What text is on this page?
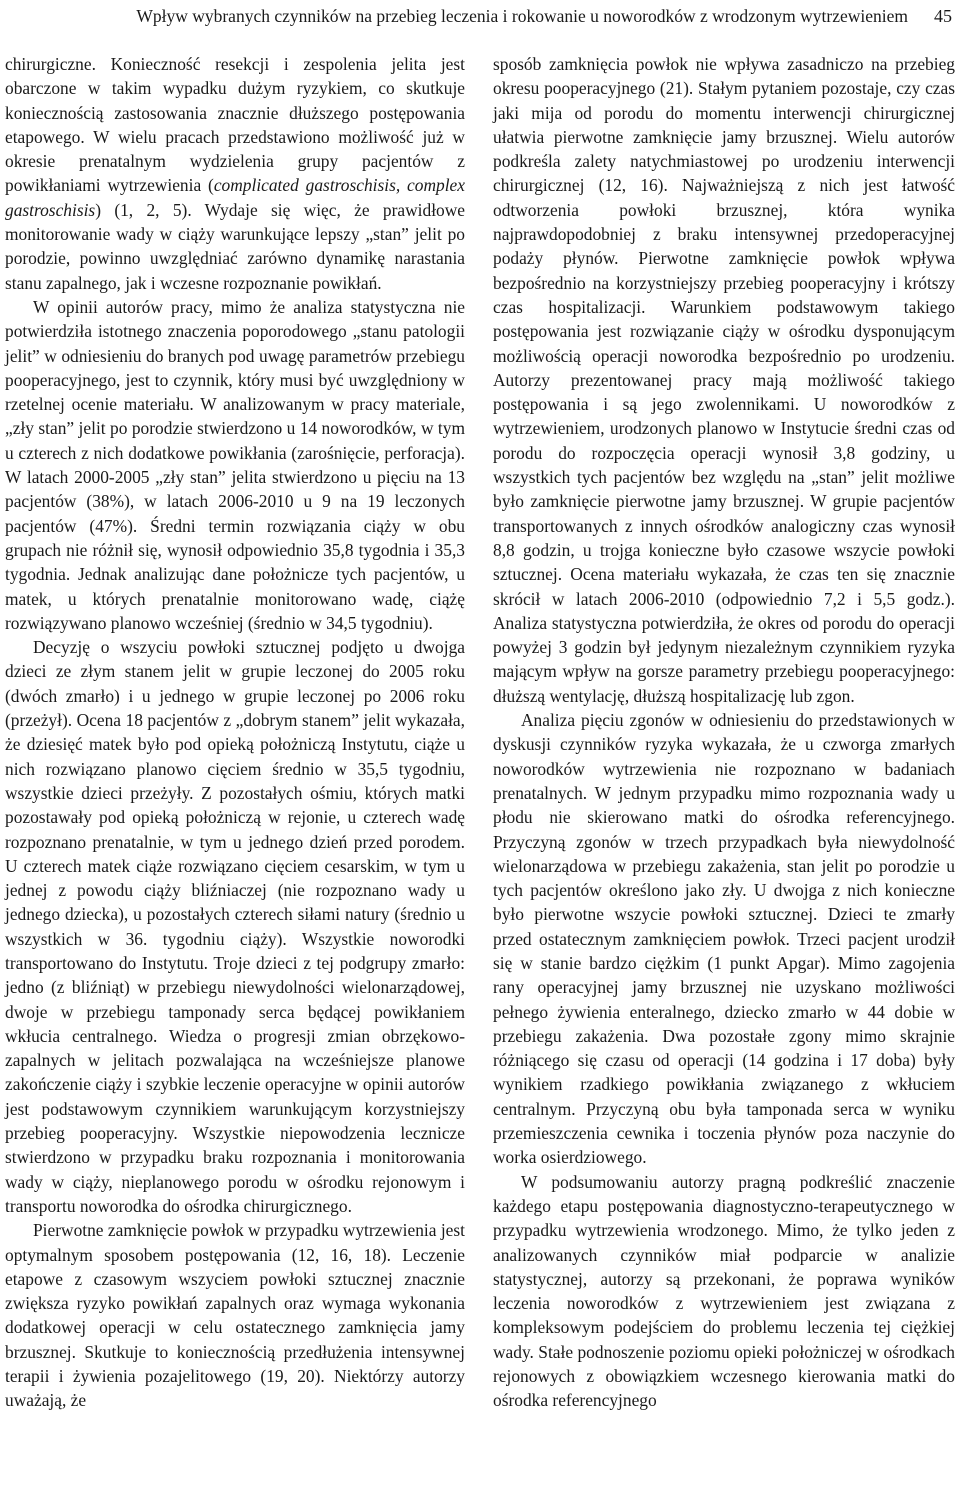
Wpływ wybranych czynników na przebieg leczenia i rokowanie u noworodków z wrodzonym wytrzewieniem 45

chirurgiczne. Konieczność resekcji i zespolenia jelita jest obarczone w takim wypadku dużym ryzykiem, co skutkuje koniecznością zastosowania znacznie dłuższego postępowania etapowego. W wielu pracach przedstawiono możliwość już w okresie prenatalnym wydzielenia grupy pacjentów z powikłaniami wytrzewienia (complicated gastroschisis, complex gastroschisis) (1, 2, 5). Wydaje się więc, że prawidłowe monitorowanie wady w ciąży warunkujące lepszy „stan” jelit po porodzie, powinno uwzględniać zarówno dynamikę narastania stanu zapalnego, jak i wczesne rozpoznanie powikłań.

W opinii autorów pracy, mimo że analiza statystyczna nie potwierdziła istotnego znaczenia poporodowego „stanu patologii jelit” w odniesieniu do branych pod uwagę parametrów przebiegu pooperacyjnego, jest to czynnik, który musi być uwzględniony w rzetelnej ocenie materiału. W analizowanym w pracy materiale, „zły stan” jelit po porodzie stwierdzono u 14 noworodków, w tym u czterech z nich dodatkowe powikłania (zarośnięcie, perforacja). W latach 2000-2005 „zły stan” jelita stwierdzono u pięciu na 13 pacjentów (38%), w latach 2006-2010 u 9 na 19 leczonych pacjentów (47%). Średni termin rozwiązania ciąży w obu grupach nie różnił się, wynosił odpowiednio 35,8 tygodnia i 35,3 tygodnia. Jednak analizując dane położnicze tych pacjentów, u matek, u których prenatalnie monitorowano wadę, ciążę rozwiązywano planowo wcześniej (średnio w 34,5 tygodniu).

Decyzję o wszyciu powłoki sztucznej podjęto u dwojga dzieci ze złym stanem jelit w grupie leczonej do 2005 roku (dwóch zmarło) i u jednego w grupie leczonej po 2006 roku (przeżył). Ocena 18 pacjentów z „dobrym stanem” jelit wykazała, że dziesięć matek było pod opieką położniczą Instytutu, ciąże u nich rozwiązano planowo cięciem średnio w 35,5 tygodniu, wszystkie dzieci przeżyły. Z pozostałych ośmiu, których matki pozostawały pod opieką położniczą w rejonie, u czterech wadę rozpoznano prenatalnie, w tym u jednego dzień przed porodem. U czterech matek ciąże rozwiązano cięciem cesarskim, w tym u jednej z powodu ciąży bliźniaczej (nie rozpoznano wady u jednego dziecka), u pozostałych czterech siłami natury (średnio u wszystkich w 36. tygodniu ciąży). Wszystkie noworodki transportowano do Instytutu. Troje dzieci z tej podgrupy zmarło: jedno (z bliźniąt) w przebiegu niewydolności wielonarządowej, dwoje w przebiegu tamponady serca będącej powikłaniem wkłucia centralnego. Wiedza o progresji zmian obrzękowo-zapalnych w jelitach pozwalająca na wcześniejsze planowe zakończenie ciąży i szybkie leczenie operacyjne w opinii autorów jest podstawowym czynnikiem warunkującym korzystniejszy przebieg pooperacyjny. Wszystkie niepowodzenia lecznicze stwierdzono w przypadku braku rozpoznania i monitorowania wady w ciąży, nieplanowego porodu w ośrodku rejonowym i transportu noworodka do ośrodka chirurgicznego.

Pierwotne zamknięcie powłok w przypadku wytrzewienia jest optymalnym sposobem postępowania (12, 16, 18). Leczenie etapowe z czasowym wszyciem powłoki sztucznej znacznie zwiększa ryzyko powikłań zapalnych oraz wymaga wykonania dodatkowej operacji w celu ostatecznego zamknięcia jamy brzusznej. Skutkuje to koniecznością przedłużenia intensywnej terapii i żywienia pozajelitowego (19, 20). Niektórzy autorzy uważają, że

sposób zamknięcia powłok nie wpływa zasadniczo na przebieg okresu pooperacyjnego (21). Stałym pytaniem pozostaje, czy czas jaki mija od porodu do momentu interwencji chirurgicznej ułatwia pierwotne zamknięcie jamy brzusznej. Wielu autorów podkreśla zalety natychmiastowej po urodzeniu interwencji chirurgicznej (12, 16). Najważniejszą z nich jest łatwość odtworzenia powłoki brzusznej, która wynika najprawdopodobniej z braku intensywnej przedoperacyjnej podaży płynów. Pierwotne zamknięcie powłok wpływa bezpośrednio na korzystniejszy przebieg pooperacyjny i krótszy czas hospitalizacji. Warunkiem podstawowym takiego postępowania jest rozwiązanie ciąży w ośrodku dysponującym możliwością operacji noworodka bezpośrednio po urodzeniu. Autorzy prezentowanej pracy mają możliwość takiego postępowania i są jego zwolennikami. U noworodków z wytrzewieniem, urodzonych planowo w Instytucie średni czas od porodu do rozpoczęcia operacji wynosił 3,8 godziny, u wszystkich tych pacjentów bez względu na „stan” jelit możliwe było zamknięcie pierwotne jamy brzusznej. W grupie pacjentów transportowanych z innych ośrodków analogiczny czas wynosił 8,8 godzin, u trojga konieczne było czasowe wszycie powłoki sztucznej. Ocena materiału wykazała, że czas ten się znacznie skrócił w latach 2006-2010 (odpowiednio 7,2 i 5,5 godz.). Analiza statystyczna potwierdziła, że okres od porodu do operacji powyżej 3 godzin był jedynym niezależnym czynnikiem ryzyka mającym wpływ na gorsze parametry przebiegu pooperacyjnego: dłuższą wentylację, dłuższą hospitalizację lub zgon.

Analiza pięciu zgonów w odniesieniu do przedstawionych w dyskusji czynników ryzyka wykazała, że u czworga zmarłych noworodków wytrzewienia nie rozpoznano w badaniach prenatalnych. W jednym przypadku mimo rozpoznania wady u płodu nie skierowano matki do ośrodka referencyjnego. Przyczyną zgonów w trzech przypadkach była niewydolność wielonarządowa w przebiegu zakażenia, stan jelit po porodzie u tych pacjentów określono jako zły. U dwojga z nich konieczne było pierwotne wszycie powłoki sztucznej. Dzieci te zmarły przed ostatecznym zamknięciem powłok. Trzeci pacjent urodził się w stanie bardzo ciężkim (1 punkt Apgar). Mimo zagojenia rany operacyjnej jamy brzusznej nie uzyskano możliwości pełnego żywienia enteralnego, dziecko zmarło w 44 dobie w przebiegu zakażenia. Dwa pozostałe zgony mimo skrajnie różniącego się czasu od operacji (14 godzina i 17 doba) były wynikiem rzadkiego powikłania związanego z wkłuciem centralnym. Przyczyną obu była tamponada serca w wyniku przemieszczenia cewnika i toczenia płynów poza naczynie do worka osierdziowego.

W podsumowaniu autorzy pragną podkreślić znaczenie każdego etapu postępowania diagnostyczno-terapeutycznego w przypadku wytrzewienia wrodzonego. Mimo, że tylko jeden z analizowanych czynników miał podparcie w analizie statystycznej, autorzy są przekonani, że poprawa wyników leczenia noworodków z wytrzewieniem jest związana z kompleksowym podejściem do problemu leczenia tej ciężkiej wady. Stałe podnoszenie poziomu opieki położniczej w ośrodkach rejonowych z obowiązkiem wczesnego kierowania matki do ośrodka referencyjnego
